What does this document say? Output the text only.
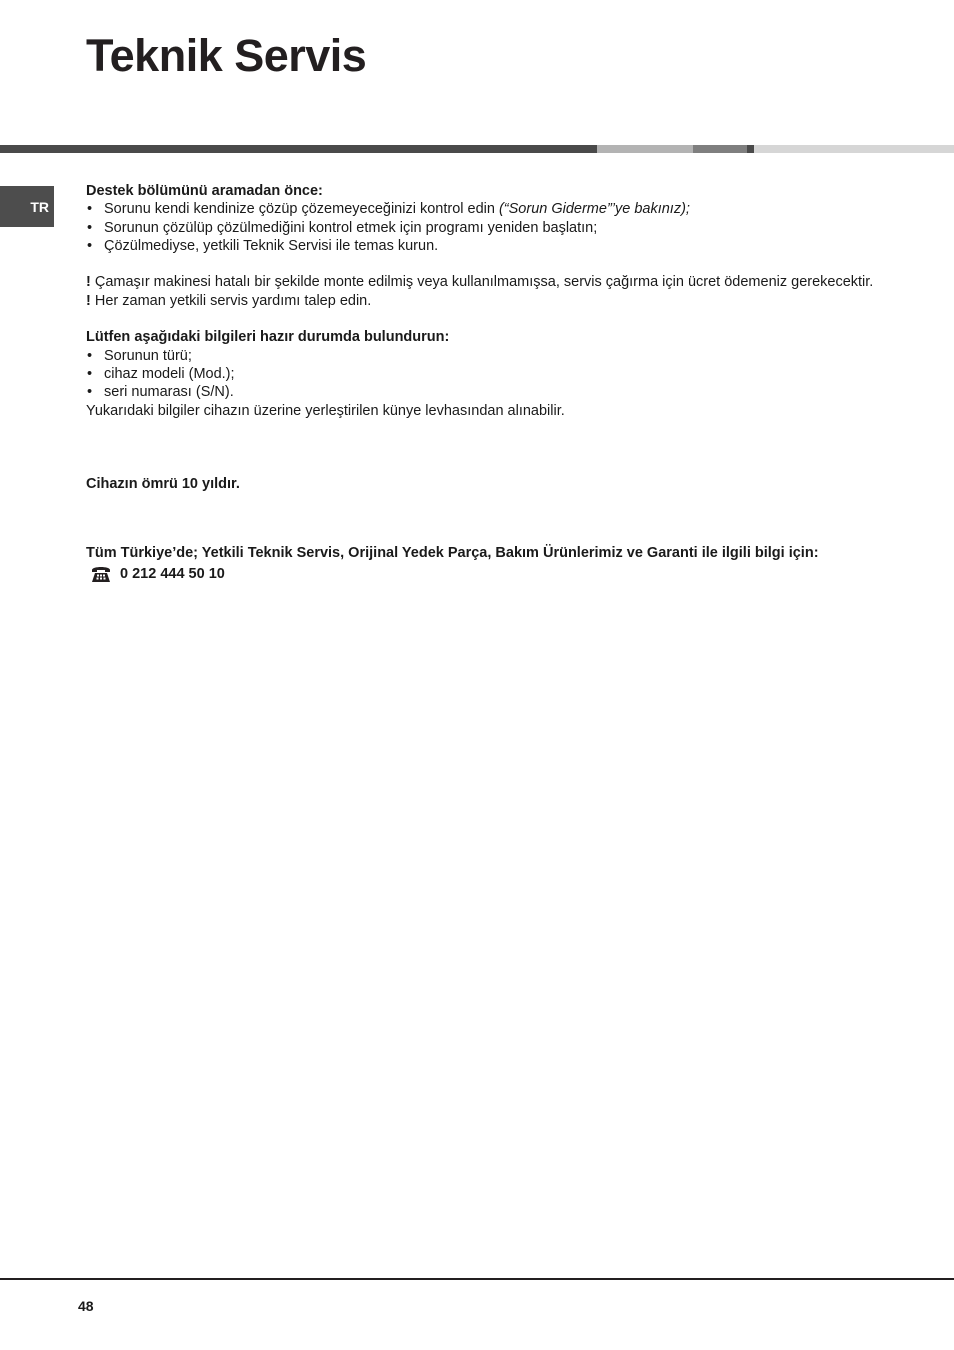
Teknik Servis
TR

Destek bölümünü aramadan önce:

• Sorunu kendi kendinize çözüp çözemeyeceğinizi kontrol edin (“Sorun Giderme”’ye bakınız);
• Sorunun çözülüp çözülmediğini kontrol etmek için programı yeniden başlatın;
• Çözülmediyse, yetkili Teknik Servisi ile temas kurun.

! Çamaşır makinesi hatalı bir şekilde monte edilmiş veya kullanılmamışsa, servis çağırma için ücret ödemeniz gerekecektir.

! Her zaman yetkili servis yardımı talep edin.

Lütfen aşağıdaki bilgileri hazır durumda bulundurun:

• Sorunun türü;
• cihaz modeli (Mod.);
• seri numarası (S/N).

Yukarıdaki bilgiler cihazın üzerine yerleştirilen künye levhasından alınabilir.

Cihazın ömrü 10 yıldır.
Tüm Türkiye’de; Yetkili Teknik Servis, Orijinal Yedek Parça, Bakım Ürünlerimiz ve Garanti ile ilgili bilgi için:
0 212 444 50 10
48
